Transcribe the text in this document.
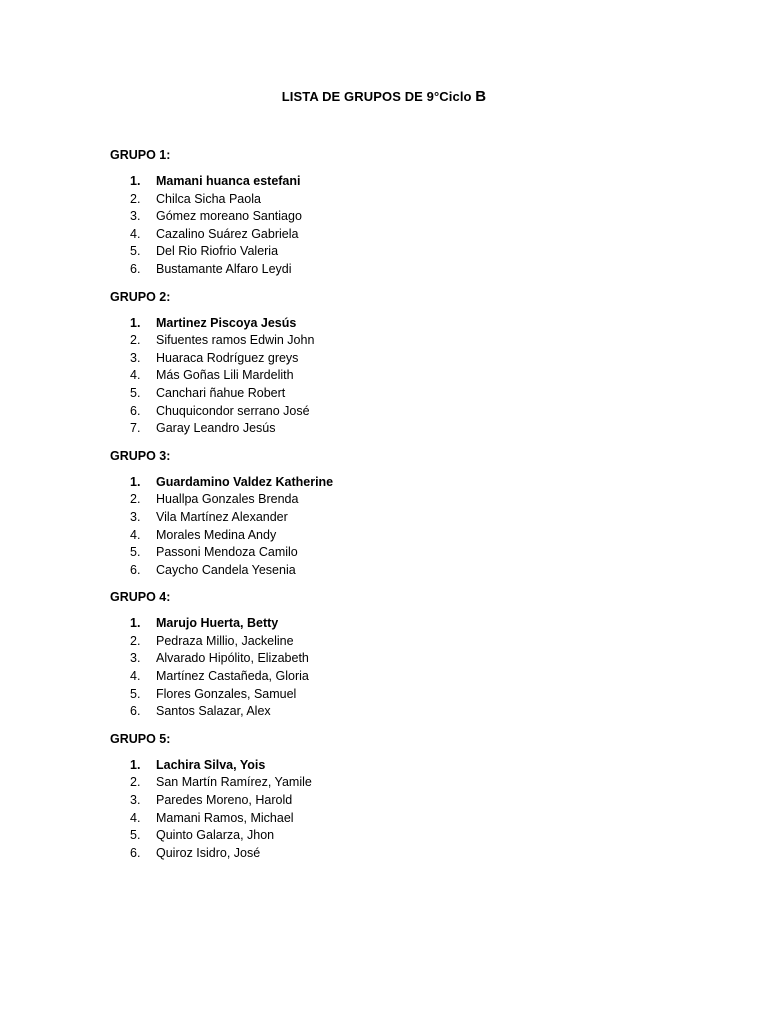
LISTA DE GRUPOS DE 9°Ciclo B
GRUPO 1:
1.	Mamani huanca estefani
2.	Chilca Sicha Paola
3.	Gómez moreano Santiago
4.	Cazalino Suárez Gabriela
5.	Del Rio Riofrio Valeria
6.	Bustamante Alfaro Leydi
GRUPO 2:
1.	Martinez Piscoya Jesús
2.	Sifuentes ramos Edwin John
3.	Huaraca Rodríguez greys
4.	Más Goñas Lili Mardelith
5.	Canchari ñahue Robert
6.	Chuquicondor serrano José
7.	Garay Leandro Jesús
GRUPO 3:
1.	Guardamino Valdez Katherine
2.	Huallpa Gonzales Brenda
3.	Vila Martínez Alexander
4.	Morales Medina Andy
5.	Passoni Mendoza Camilo
6.	Caycho Candela Yesenia
GRUPO 4:
1.	Marujo Huerta, Betty
2.	Pedraza Millio, Jackeline
3.	Alvarado Hipólito, Elizabeth
4.	Martínez Castañeda, Gloria
5.	Flores Gonzales, Samuel
6.	Santos Salazar, Alex
GRUPO 5:
1.	Lachira Silva, Yois
2.	San Martín Ramírez, Yamile
3.	Paredes Moreno, Harold
4.	Mamani Ramos, Michael
5.	Quinto Galarza, Jhon
6.	Quiroz Isidro, José
